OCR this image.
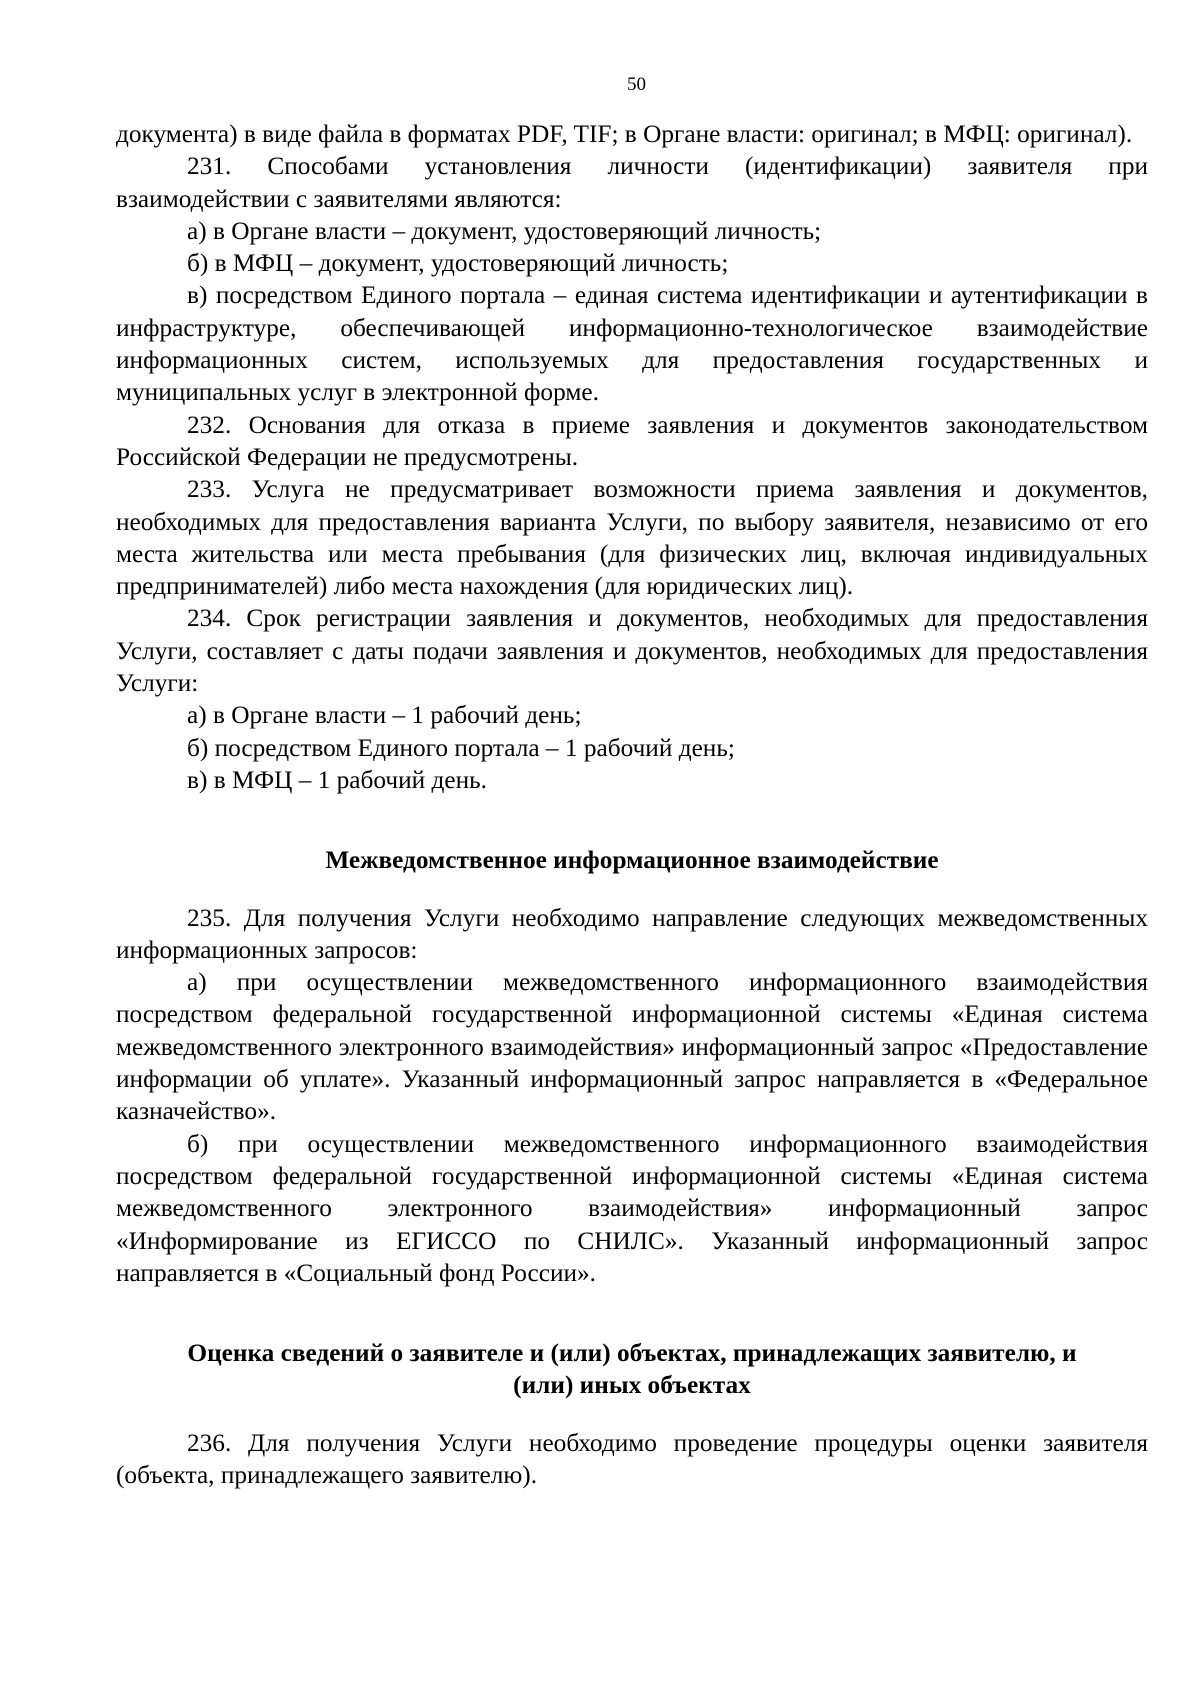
50

документа) в виде файла в форматах PDF, TIF; в Органе власти: оригинал; в МФЦ: оригинал).

231. Способами установления личности (идентификации) заявителя при взаимодействии с заявителями являются:

а) в Органе власти – документ, удостоверяющий личность;

б) в МФЦ – документ, удостоверяющий личность;

в) посредством Единого портала – единая система идентификации и аутентификации в инфраструктуре, обеспечивающей информационно-технологическое взаимодействие информационных систем, используемых для предоставления государственных и муниципальных услуг в электронной форме.

232. Основания для отказа в приеме заявления и документов законодательством Российской Федерации не предусмотрены.

233. Услуга не предусматривает возможности приема заявления и документов, необходимых для предоставления варианта Услуги, по выбору заявителя, независимо от его места жительства или места пребывания (для физических лиц, включая индивидуальных предпринимателей) либо места нахождения (для юридических лиц).

234. Срок регистрации заявления и документов, необходимых для предоставления Услуги, составляет с даты подачи заявления и документов, необходимых для предоставления Услуги:

а) в Органе власти – 1 рабочий день;

б) посредством Единого портала – 1 рабочий день;

в) в МФЦ – 1 рабочий день.

Межведомственное информационное взаимодействие

235. Для получения Услуги необходимо направление следующих межведомственных информационных запросов:

а) при осуществлении межведомственного информационного взаимодействия посредством федеральной государственной информационной системы «Единая система межведомственного электронного взаимодействия» информационный запрос «Предоставление информации об уплате». Указанный информационный запрос направляется в «Федеральное казначейство».

б) при осуществлении межведомственного информационного взаимодействия посредством федеральной государственной информационной системы «Единая система межведомственного электронного взаимодействия» информационный запрос «Информирование из ЕГИССО по СНИЛС». Указанный информационный запрос направляется в «Социальный фонд России».

Оценка сведений о заявителе и (или) объектах, принадлежащих заявителю, и
(или) иных объектах

236. Для получения Услуги необходимо проведение процедуры оценки заявителя (объекта, принадлежащего заявителю).
